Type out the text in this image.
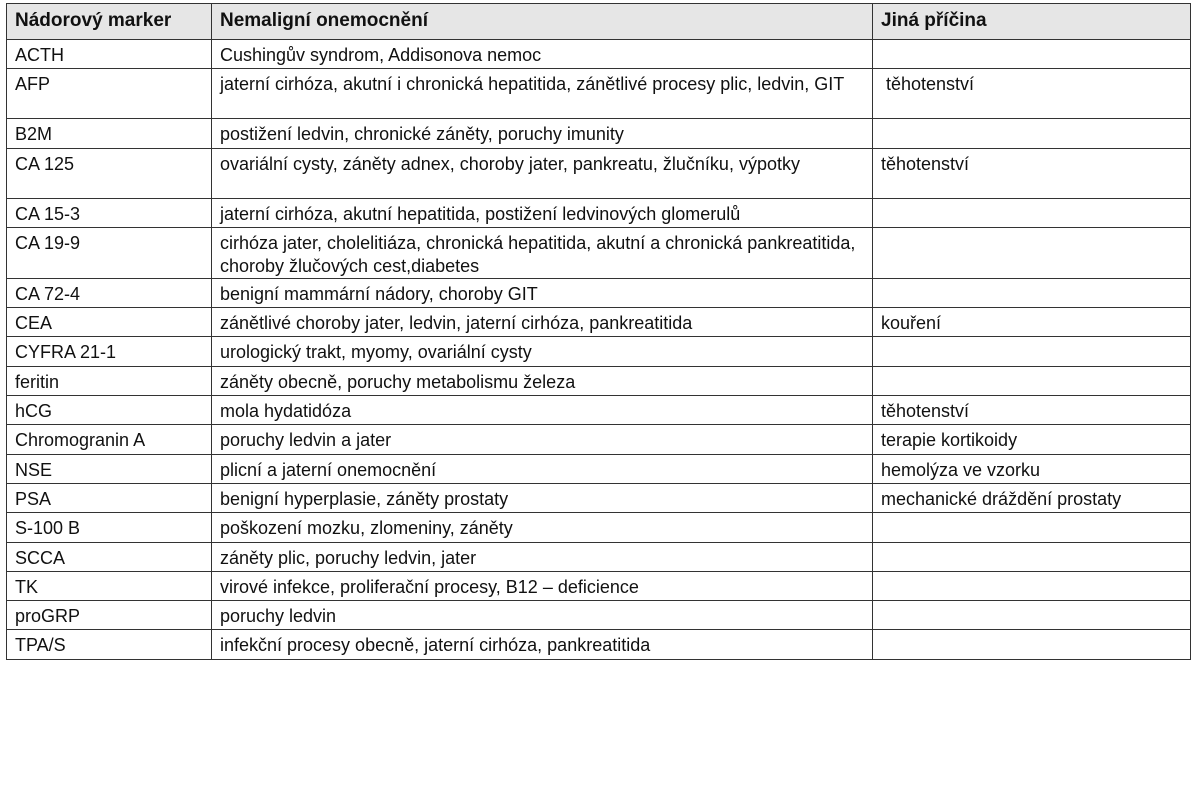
Nádorový marker	Nemaligní onemocnění	Jiná příčina
ACTH	Cushingův syndrom, Addisonova nemoc	
AFP	jaterní cirhóza, akutní i chronická hepatitida, zánětlivé procesy plic, ledvin, GIT	těhotenství
B2M	postižení ledvin, chronické záněty, poruchy imunity	
CA 125	ovariální cysty, záněty adnex, choroby jater, pankreatu, žlučníku, výpotky	těhotenství
CA 15-3	jaterní cirhóza, akutní hepatitida, postižení ledvinových glomerulů	
CA 19-9	cirhóza jater, cholelitiáza, chronická hepatitida, akutní a chronická pankreatitida, choroby žlučových cest,diabetes	
CA 72-4	benigní mammární nádory, choroby GIT	
CEA	zánětlivé choroby jater, ledvin, jaterní cirhóza, pankreatitida	kouření
CYFRA 21-1	urologický trakt, myomy, ovariální cysty	
feritin	záněty obecně, poruchy metabolismu železa	
hCG	mola hydatidóza	těhotenství
Chromogranin A	poruchy ledvin a jater	terapie kortikoidy
NSE	plicní a jaterní onemocnění	hemolýza ve vzorku
PSA	benigní hyperplasie, záněty prostaty	mechanické dráždění prostaty
S-100 B	poškození mozku, zlomeniny, záněty	
SCCA	záněty plic, poruchy ledvin, jater	
TK	virové infekce, proliferační procesy, B12 – deficience	
proGRP	poruchy ledvin	
TPA/S	infekční procesy obecně, jaterní cirhóza, pankreatitida	
